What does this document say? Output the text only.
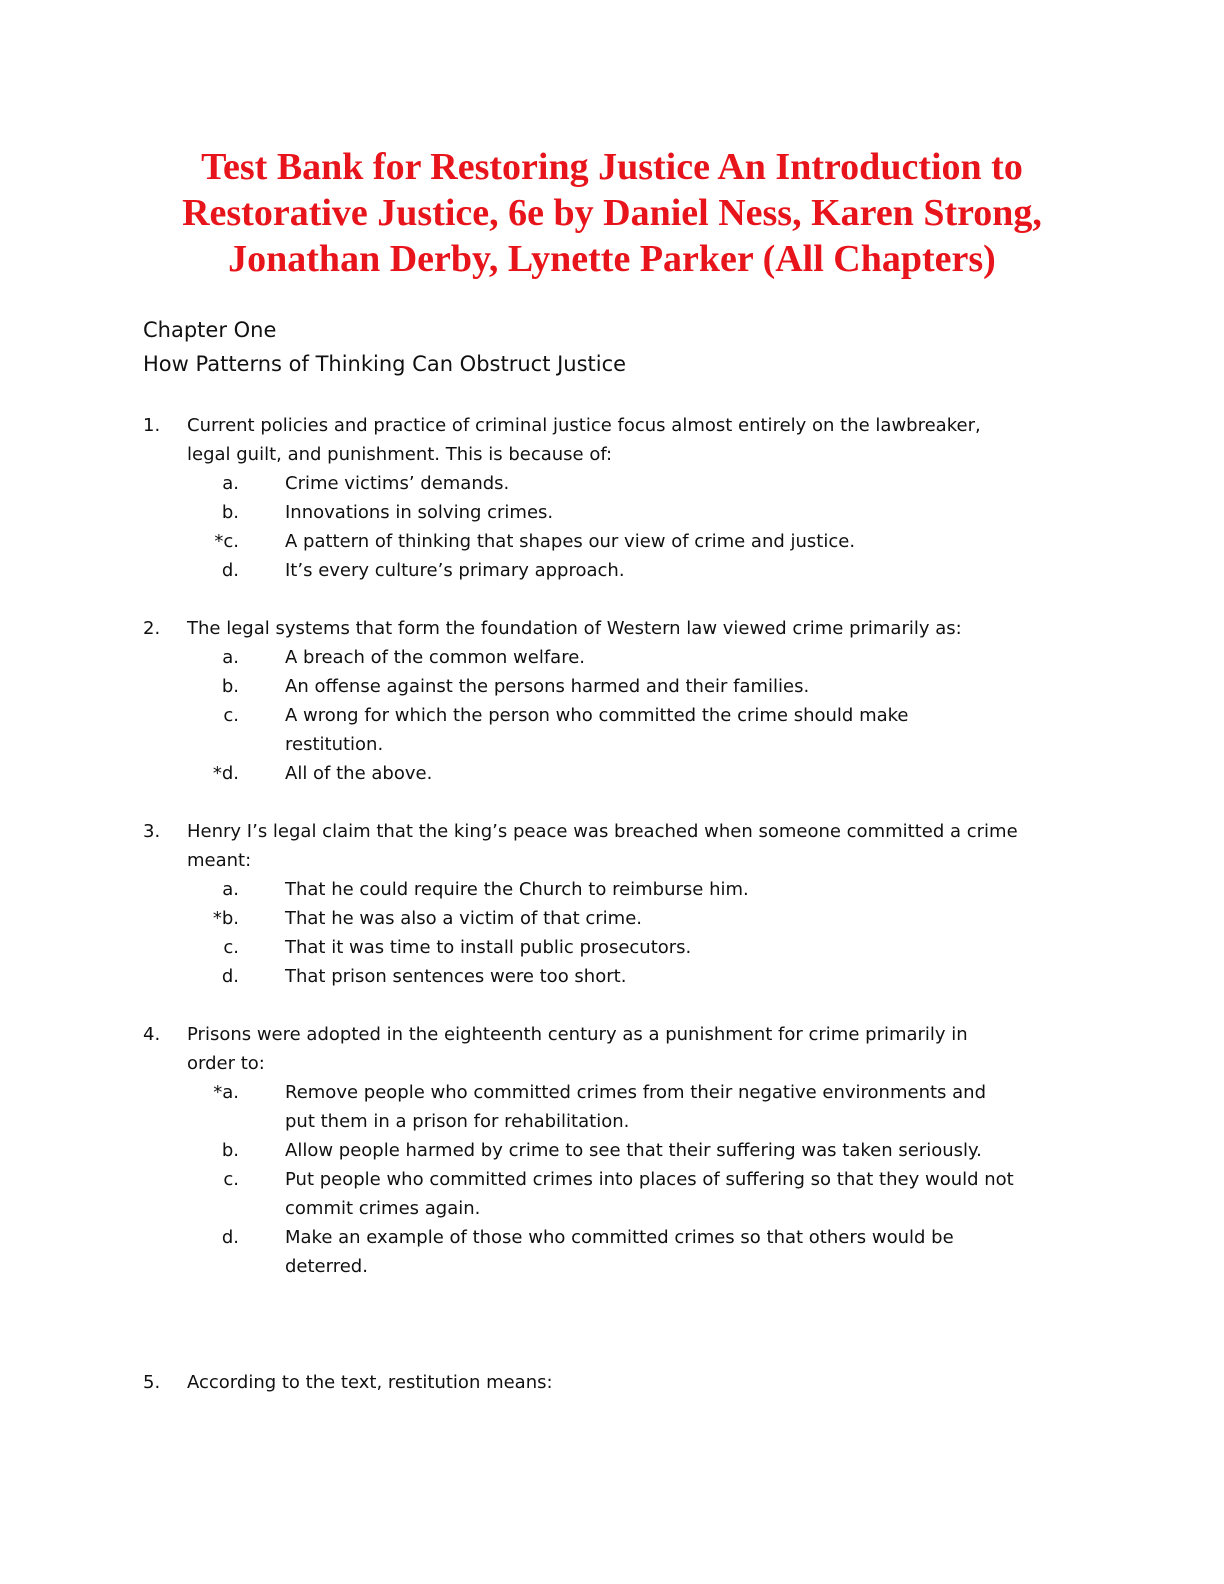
Test Bank for Restoring Justice An Introduction to
Restorative Justice, 6e by Daniel Ness, Karen Strong,
Jonathan Derby, Lynette Parker (All Chapters)
Chapter One
How Patterns of Thinking Can Obstruct Justice
1. Current policies and practice of criminal justice focus almost entirely on the lawbreaker,
legal guilt, and punishment. This is because of:
a.	Crime victims’ demands.
b.	Innovations in solving crimes.
*c.	A pattern of thinking that shapes our view of crime and justice.
d.	It’s every culture’s primary approach.
2. The legal systems that form the foundation of Western law viewed crime primarily as:
a.	A breach of the common welfare.
b.	An offense against the persons harmed and their families.
c.	A wrong for which the person who committed the crime should make
restitution.
*d.	All of the above.
3. Henry I’s legal claim that the king’s peace was breached when someone committed a crime
meant:
a.	That he could require the Church to reimburse him.
*b.	That he was also a victim of that crime.
c.	That it was time to install public prosecutors.
d.	That prison sentences were too short.
4. Prisons were adopted in the eighteenth century as a punishment for crime primarily in
order to:
*a.	Remove people who committed crimes from their negative environments and
put them in a prison for rehabilitation.
b.	Allow people harmed by crime to see that their suffering was taken seriously.
c.	Put people who committed crimes into places of suffering so that they would not
commit crimes again.
d.	Make an example of those who committed crimes so that others would be
deterred.
5. According to the text, restitution means:
